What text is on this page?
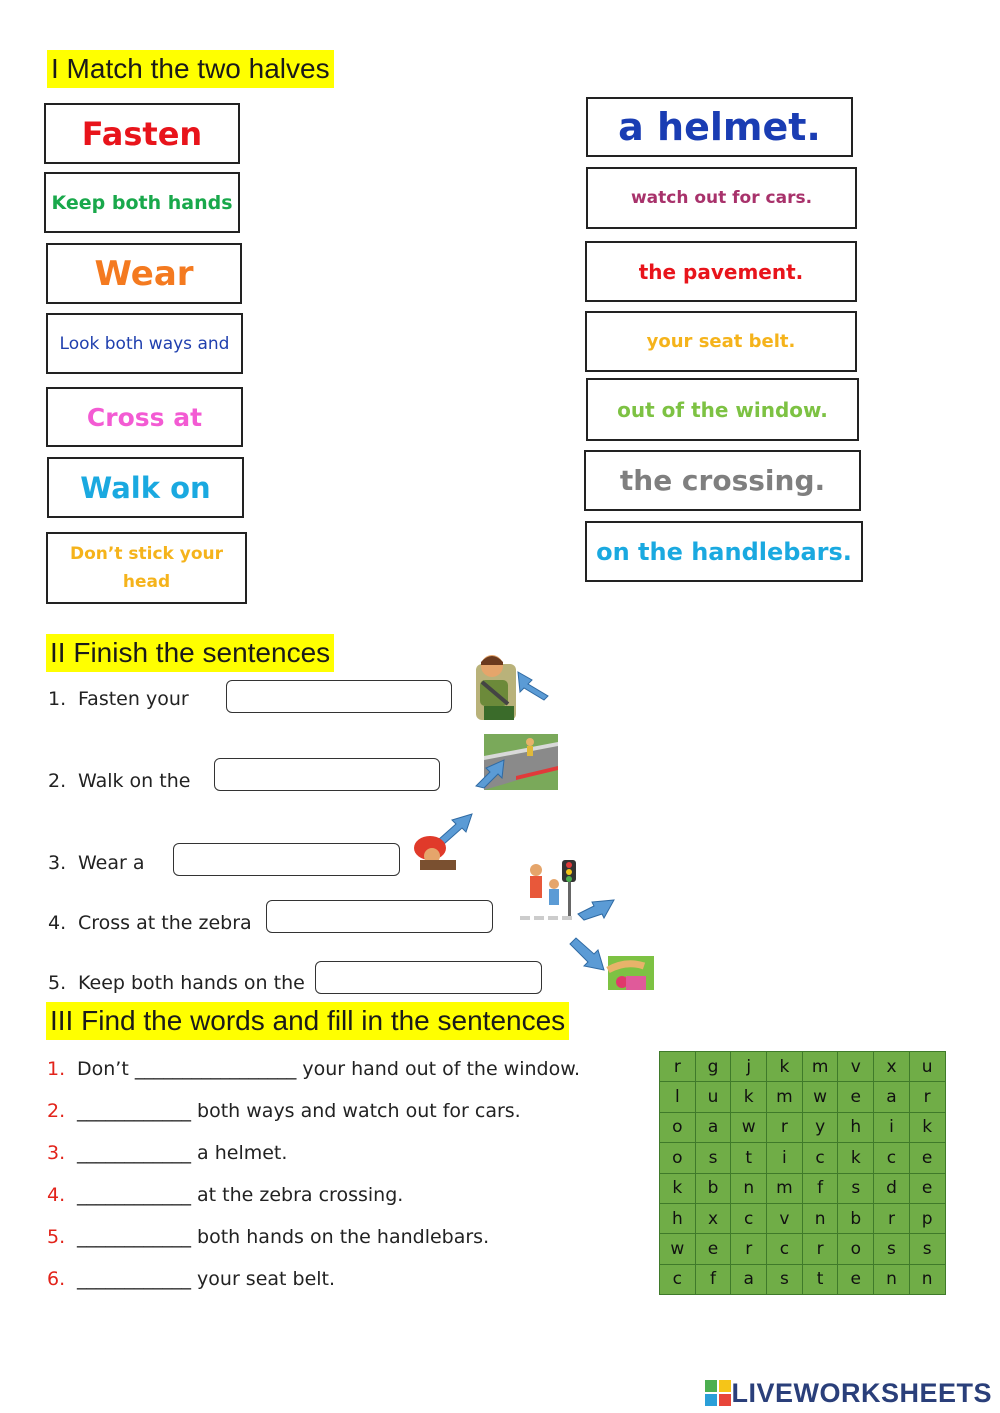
I Match the two halves
Fasten
Keep both hands
Wear
Look both ways and
Cross at
Walk on
Don’t stick your head
a helmet.
watch out for cars.
the pavement.
your seat belt.
out of the window.
the crossing.
on the handlebars.
II Finish the sentences
1. Fasten your
2. Walk on the
3. Wear a
4. Cross at the zebra
5. Keep both hands on the
III Find the words and fill in the sentences
1. Don’t _________________ your hand out of the window.
2. ____________ both ways and watch out for cars.
3. ____________ a helmet.
4. ____________ at the zebra crossing.
5. ____________ both hands on the handlebars.
6. ____________ your seat belt.
r	g	j	k	m	v	x	u
l	u	k	m	w	e	a	r
o	a	w	r	y	h	i	k
o	s	t	i	c	k	c	e
k	b	n	m	f	s	d	e
h	x	c	v	n	b	r	p
w	e	r	c	r	o	s	s
c	f	a	s	t	e	n	n
LIVEWORKSHEETS
